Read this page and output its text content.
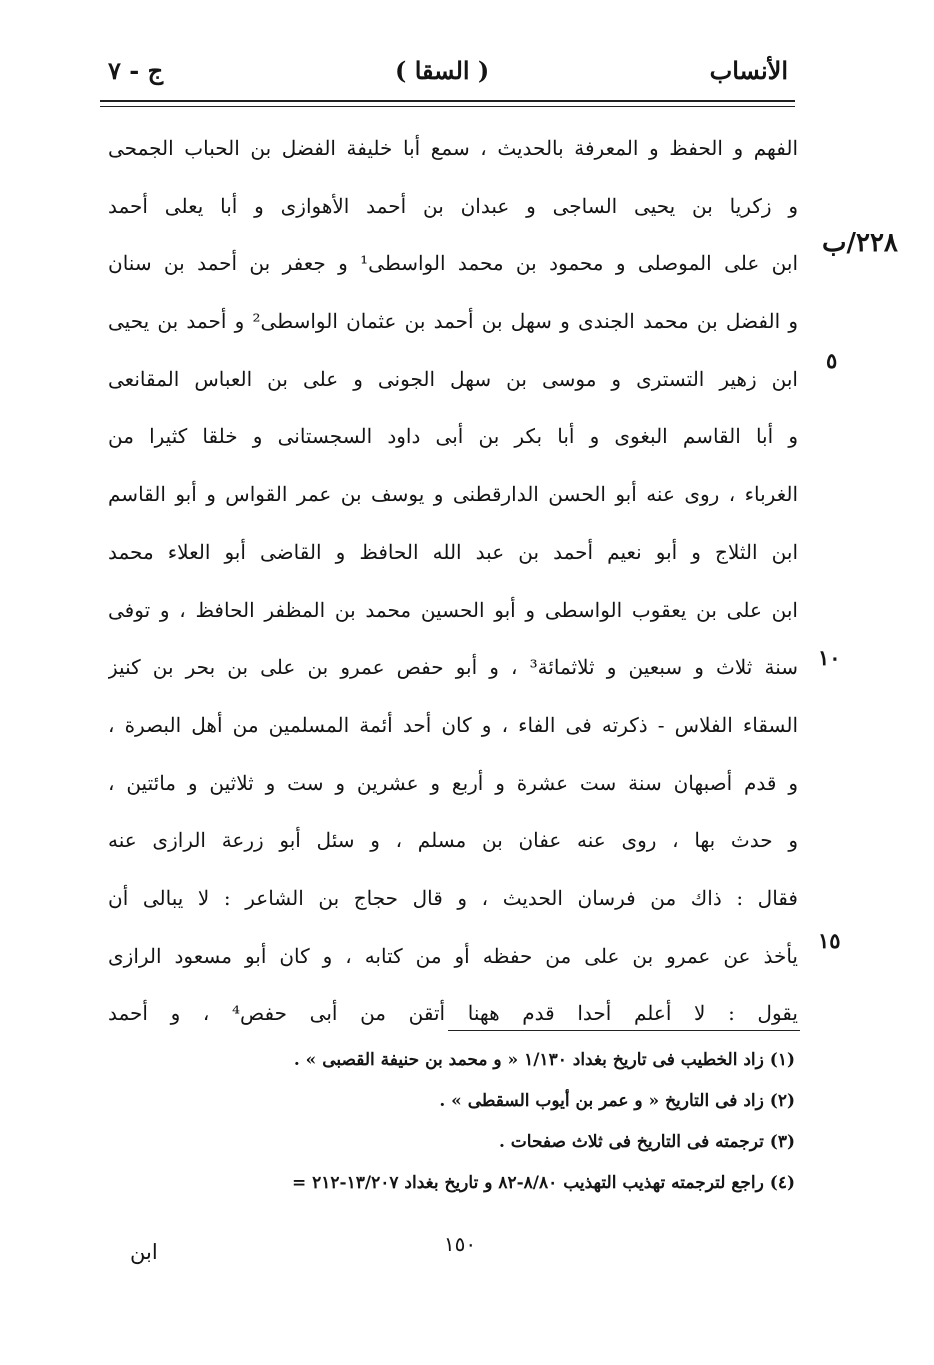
الأنساب
( السقا )
ج - ٧
٢٢٨/ب
٥
١٠
١٥
الفهم و الحفظ و المعرفة بالحديث ، سمع أبا خليفة الفضل بن الحباب الجمحى
و زكريا بن يحيى الساجى و عبدان بن أحمد الأهوازى و أبا يعلى أحمد
ابن على الموصلى و محمود بن محمد الواسطى¹ و جعفر بن أحمد بن سنان
و الفضل بن محمد الجندى و سهل بن أحمد بن عثمان الواسطى² و أحمد بن يحيى
ابن زهير التسترى و موسى بن سهل الجونى و على بن العباس المقانعى
و أبا القاسم البغوى و أبا بكر بن أبى داود السجستانى و خلقا كثيرا من
الغرباء ، روى عنه أبو الحسن الدارقطنى و يوسف بن عمر القواس و أبو القاسم
ابن الثلاج و أبو نعيم أحمد بن عبد الله الحافظ و القاضى أبو العلاء محمد
ابن على بن يعقوب الواسطى و أبو الحسين محمد بن المظفر الحافظ ، و توفى
سنة ثلاث و سبعين و ثلاثمائة³ ، و أبو حفص عمرو بن على بن بحر بن كنيز
السقاء الفلاس - ذكرته فى الفاء ، و كان أحد أئمة المسلمين من أهل البصرة ،
و قدم أصبهان سنة ست عشرة و أربع و عشرين و ست و ثلاثين و مائتين ،
و حدث بها ، روى عنه عفان بن مسلم ، و سئل أبو زرعة الرازى عنه
فقال : ذاك من فرسان الحديث ، و قال حجاج بن الشاعر : لا يبالى أن
يأخذ عن عمرو بن على من حفظه أو من كتابه ، و كان أبو مسعود الرازى
يقول : لا أعلم أحدا قدم ههنا أتقن من أبى حفص⁴ ، و أحمد
(١) زاد الخطيب فى تاريخ بغداد ١/١٣٠ « و محمد بن حنيفة القصبى » .
(٢) زاد فى التاريخ « و عمر بن أيوب السقطى » .
(٣) ترجمته فى التاريخ فى ثلاث صفحات .
(٤) راجع لترجمته تهذيب التهذيب ٨/٨٠-٨٢ و تاريخ بغداد ١٣/٢٠٧-٢١٢ =
١٥٠
ابن
